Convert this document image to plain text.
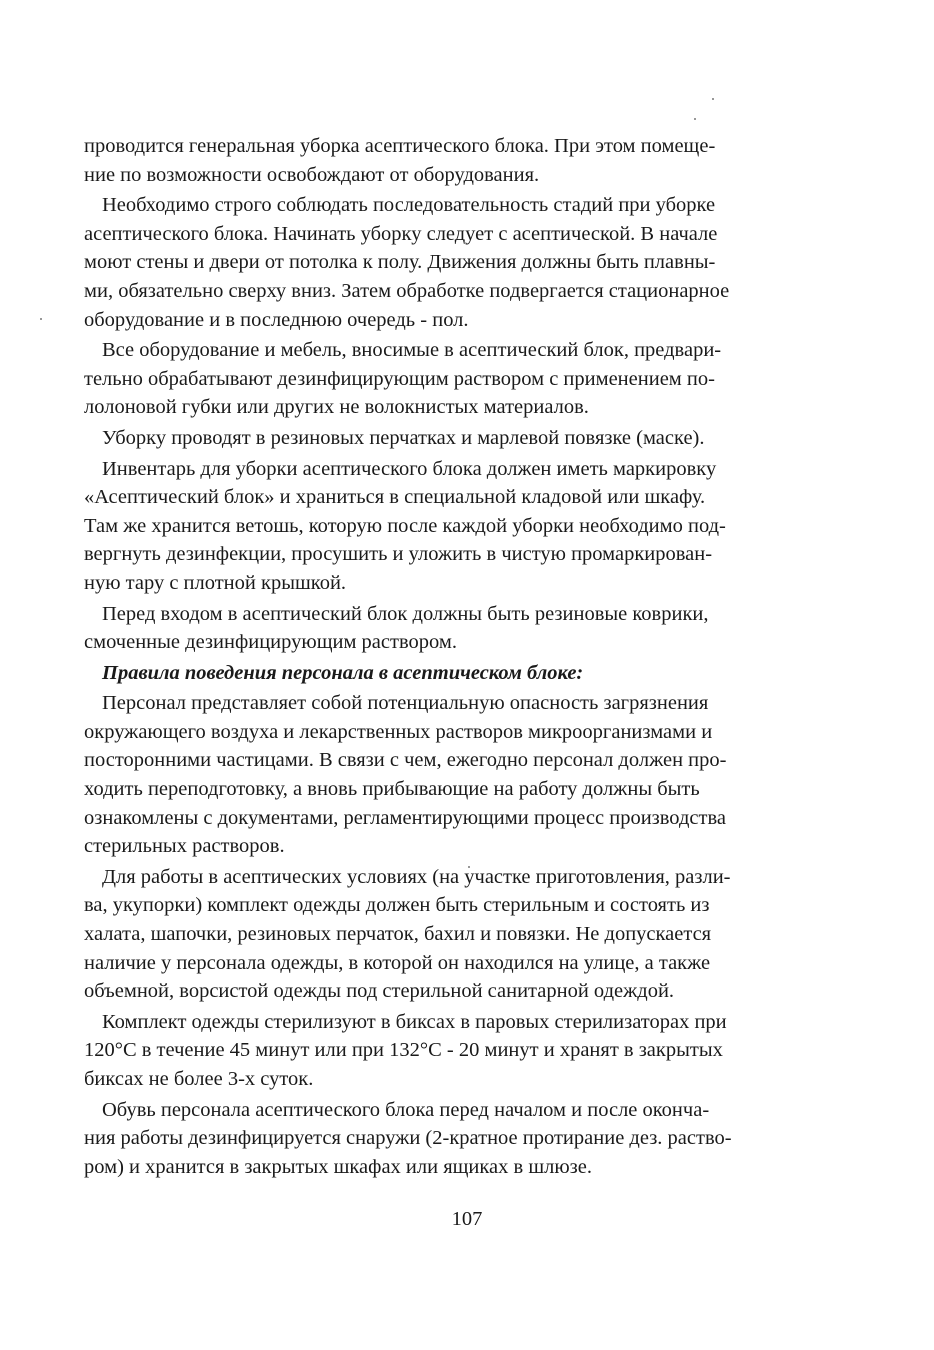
проводится генеральная уборка асептического блока. При этом помеще-
ние по возможности освобождают от оборудования.
Необходимо строго соблюдать последовательность стадий при уборке
асептического блока. Начинать уборку следует с асептической. В начале
моют стены и двери от потолка к полу. Движения должны быть плавны-
ми, обязательно сверху вниз. Затем обработке подвергается стационарное
оборудование и в последнюю очередь - пол.
Все оборудование и мебель, вносимые в асептический блок, предвари-
тельно обрабатывают дезинфицирующим раствором с применением по-
лолоновой губки или других не волокнистых материалов.
Уборку проводят в резиновых перчатках и марлевой повязке (маске).
Инвентарь для уборки асептического блока должен иметь маркировку
«Асептический блок» и храниться в специальной кладовой или шкафу.
Там же хранится ветошь, которую после каждой уборки необходимо под-
вергнуть дезинфекции, просушить и уложить в чистую промаркирован-
ную тару с плотной крышкой.
Перед входом в асептический блок должны быть резиновые коврики,
смоченные дезинфицирующим раствором.
Правила поведения персонала в асептическом блоке:
Персонал представляет собой потенциальную опасность загрязнения
окружающего воздуха и лекарственных растворов микроорганизмами и
посторонними частицами. В связи с чем, ежегодно персонал должен про-
ходить переподготовку, а вновь прибывающие на работу должны быть
ознакомлены с документами, регламентирующими процесс производства
стерильных растворов.
Для работы в асептических условиях (на участке приготовления, разли-
ва, укупорки) комплект одежды должен быть стерильным и состоять из
халата, шапочки, резиновых перчаток, бахил и повязки. Не допускается
наличие у персонала одежды, в которой он находился на улице, а также
объемной, ворсистой одежды под стерильной санитарной одеждой.
Комплект одежды стерилизуют в биксах в паровых стерилизаторах при
120°С в течение 45 минут или при 132°С - 20 минут и хранят в закрытых
биксах не более 3-х суток.
Обувь персонала асептического блока перед началом и после оконча-
ния работы дезинфицируется снаружи (2-кратное протирание дез. раство-
ром) и хранится в закрытых шкафах или ящиках в шлюзе.
107
